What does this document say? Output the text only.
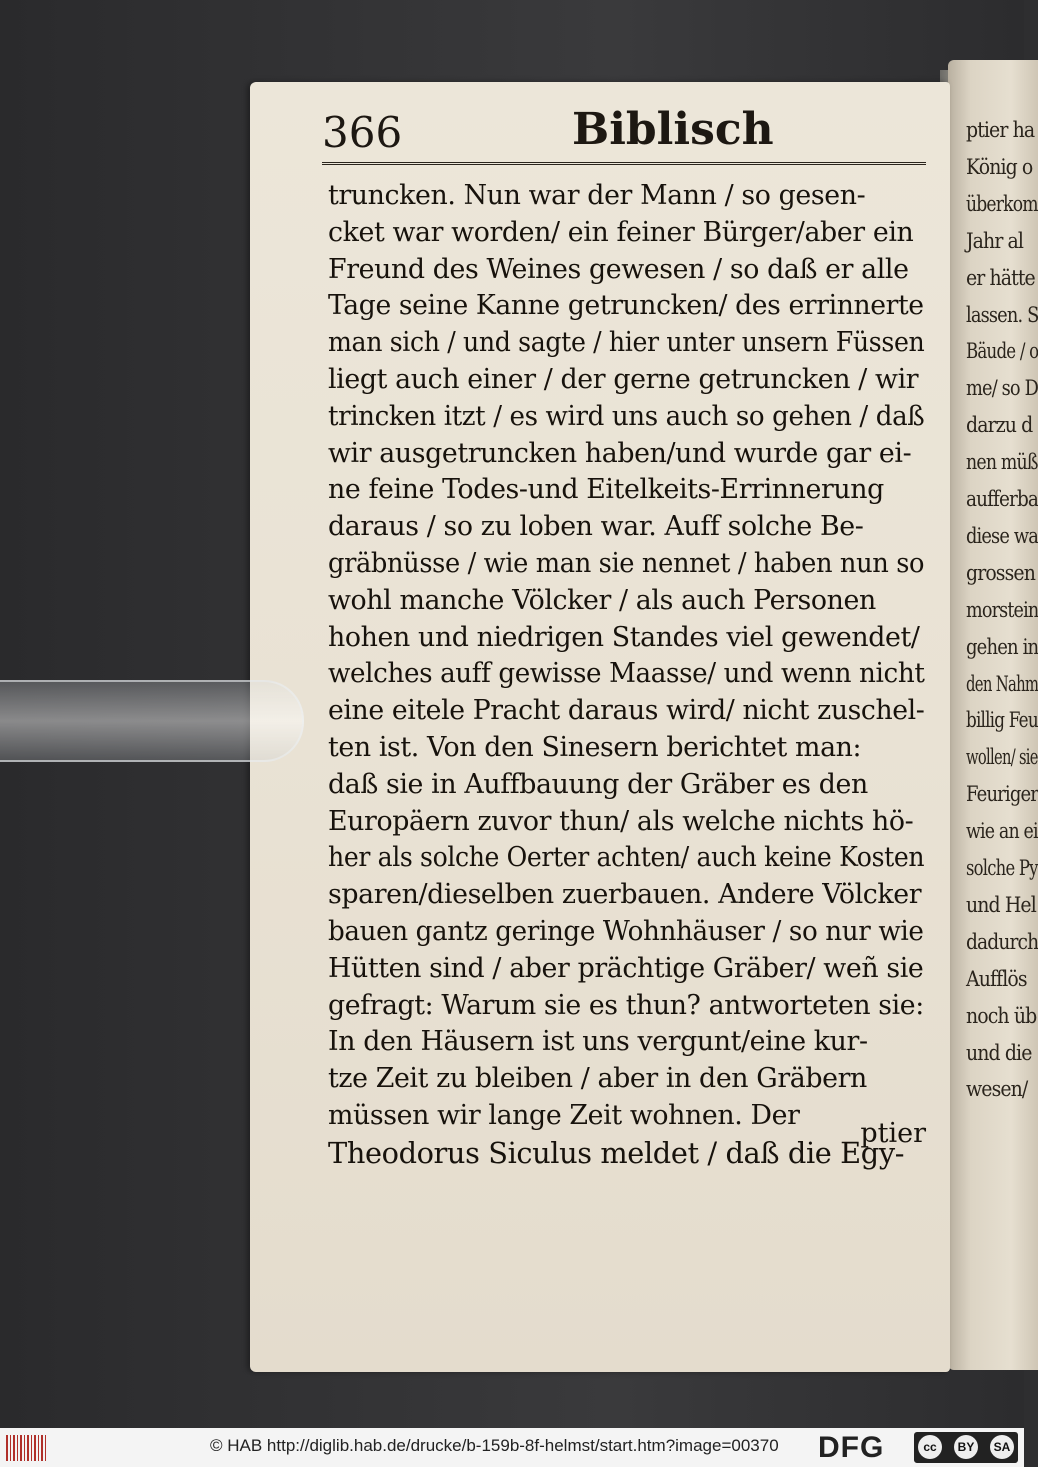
ptier ha
König o
überkom
Jahr al
er hätte
lassen. S
Bäude / o
me/ so D
darzu d
nen müß
aufferba
diese wa
grossen
morstein
gehen in
den Nahm
billig Feu
wollen/ sie
Feuriger
wie an ei
solche Py
und Hel
dadurch
Aufflös
noch üb
und die
wesen/
366	Biblisch
truncken. Nun war der Mann / so gesen-
cket war worden/ ein feiner Bürger/aber ein
Freund des Weines gewesen / so daß er alle
Tage seine Kanne getruncken/ des errinnerte
man sich / und sagte / hier unter unsern Füssen
liegt auch einer / der gerne getruncken / wir
trincken itzt / es wird uns auch so gehen / daß
wir ausgetruncken haben/und wurde gar ei-
ne feine Todes-und Eitelkeits-Errinnerung
daraus / so zu loben war. Auff solche Be-
gräbnüsse / wie man sie nennet / haben nun so
wohl manche Völcker / als auch Personen
hohen und niedrigen Standes viel gewendet/
welches auff gewisse Maasse/ und wenn nicht
eine eitele Pracht daraus wird/ nicht zuschel-
ten ist. Von den Sinesern berichtet man:
daß sie in Auffbauung der Gräber es den
Europäern zuvor thun/ als welche nichts hö-
her als solche Oerter achten/ auch keine Kosten
sparen/dieselben zuerbauen. Andere Völcker
bauen gantz geringe Wohnhäuser / so nur wie
Hütten sind / aber prächtige Gräber/ weñ sie
gefragt: Warum sie es thun? antworteten sie:
In den Häusern ist uns vergunt/eine kur-
tze Zeit zu bleiben / aber in den Gräbern
müssen wir lange Zeit wohnen. Der
Theodorus Siculus meldet / daß die Egy-
ptier
© HAB http://diglib.hab.de/drucke/b-159b-8f-helmst/start.htm?image=00370 DFG	cc	BY	SA
